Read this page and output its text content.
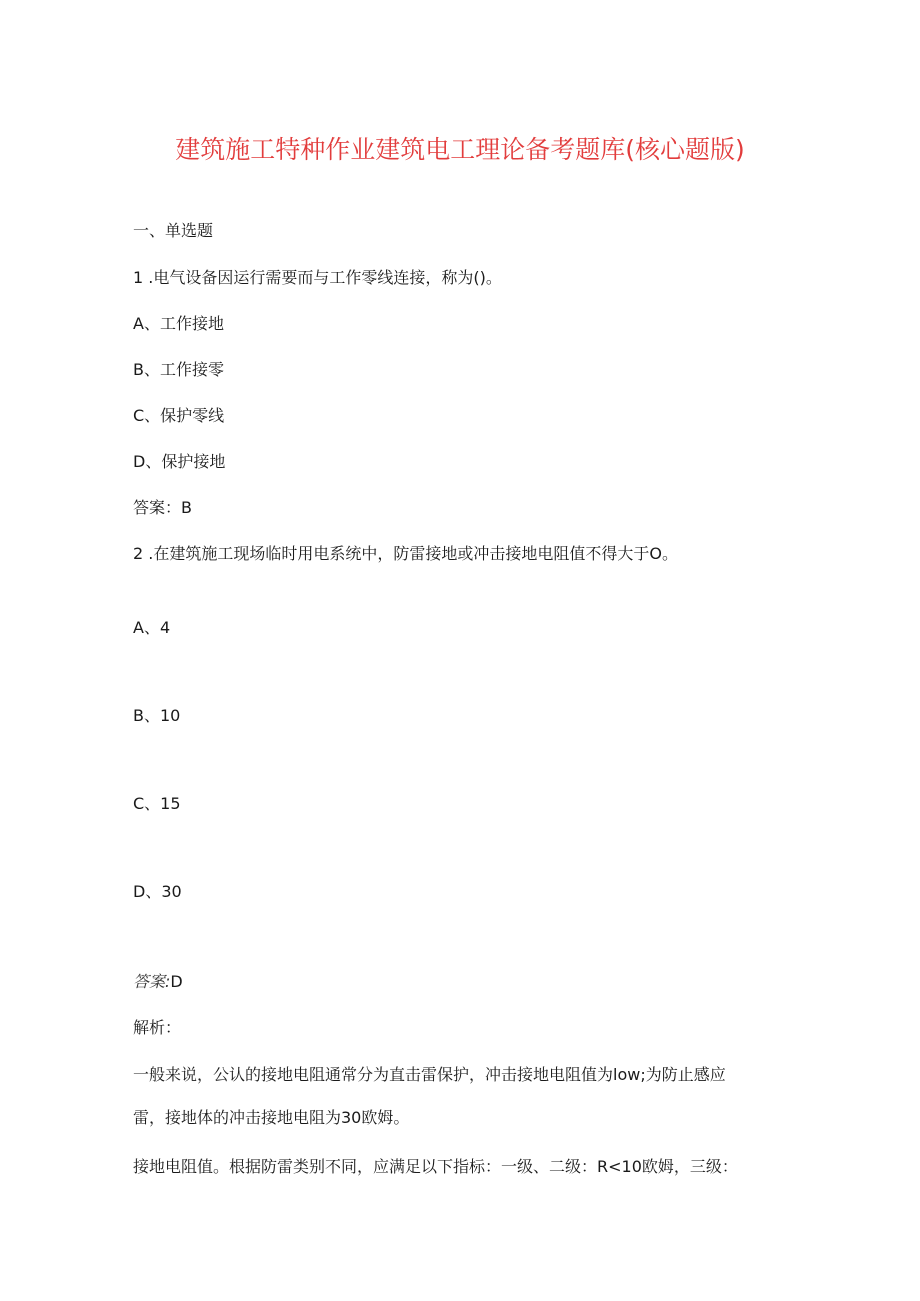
建筑施工特种作业建筑电工理论备考题库(核心题版)
一、单选题
1 .电气设备因运行需要而与工作零线连接，称为()。
A、工作接地
B、工作接零
C、保护零线
D、保护接地
答案：B
2 .在建筑施工现场临时用电系统中，防雷接地或冲击接地电阻值不得大于O。
A、4
B、10
C、15
D、30
答案:D
解析：
一般来说，公认的接地电阻通常分为直击雷保护，冲击接地电阻值为low;为防止感应
雷，接地体的冲击接地电阻为30欧姆。
接地电阻值。根据防雷类别不同，应满足以下指标：一级、二级：R<10欧姆，三级：
